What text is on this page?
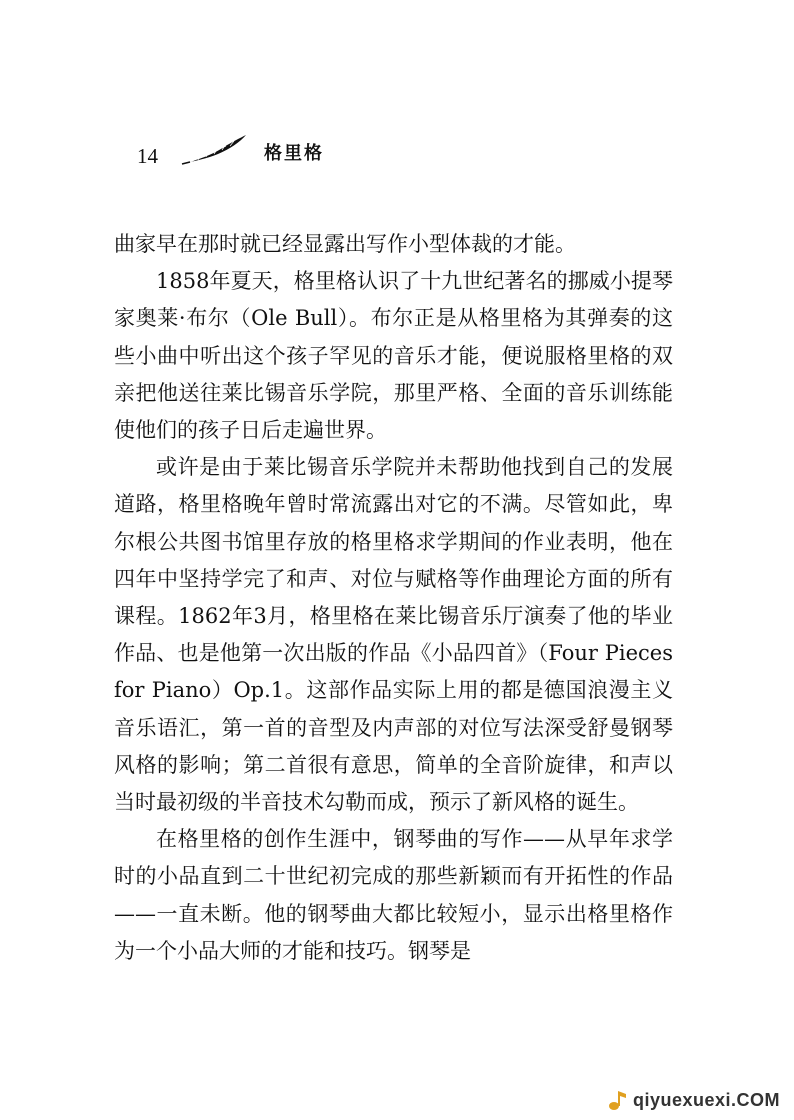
14	格里格

曲家早在那时就已经显露出写作小型体裁的才能。

1858年夏天，格里格认识了十九世纪著名的挪威小提琴家奥莱·布尔（Ole Bull）。布尔正是从格里格为其弹奏的这些小曲中听出这个孩子罕见的音乐才能，便说服格里格的双亲把他送往莱比锡音乐学院，那里严格、全面的音乐训练能使他们的孩子日后走遍世界。

或许是由于莱比锡音乐学院并未帮助他找到自己的发展道路，格里格晚年曾时常流露出对它的不满。尽管如此，卑尔根公共图书馆里存放的格里格求学期间的作业表明，他在四年中坚持学完了和声、对位与赋格等作曲理论方面的所有课程。1862年3月，格里格在莱比锡音乐厅演奏了他的毕业作品、也是他第一次出版的作品《小品四首》（Four Pieces for Piano）Op.1。这部作品实际上用的都是德国浪漫主义音乐语汇，第一首的音型及内声部的对位写法深受舒曼钢琴风格的影响；第二首很有意思，简单的全音阶旋律，和声以当时最初级的半音技术勾勒而成，预示了新风格的诞生。

在格里格的创作生涯中，钢琴曲的写作——从早年求学时的小品直到二十世纪初完成的那些新颖而有开拓性的作品——一直未断。他的钢琴曲大都比较短小，显示出格里格作为一个小品大师的才能和技巧。钢琴是

qiyuexuexi.COM
